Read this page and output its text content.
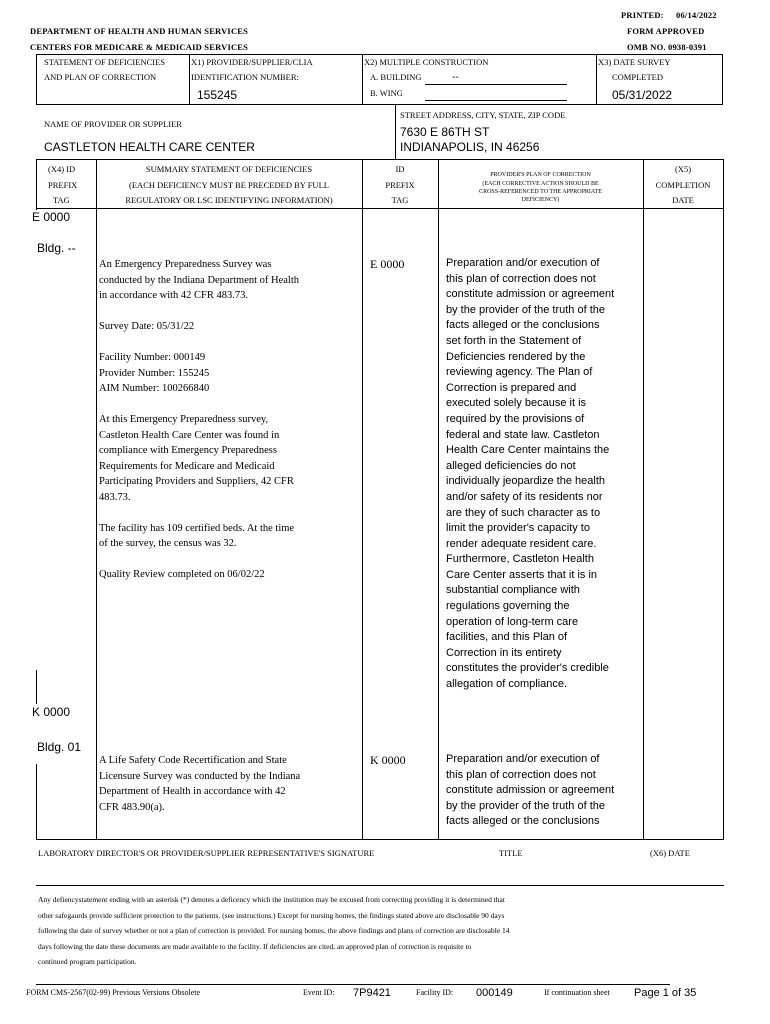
PRINTED: 06/14/2022
FORM APPROVED
OMB NO. 0938-0391
DEPARTMENT OF HEALTH AND HUMAN SERVICES
CENTERS FOR MEDICARE & MEDICAID SERVICES
STATEMENT OF DEFICIENCIES
AND PLAN OF CORRECTION
X1) PROVIDER/SUPPLIER/CLIA
IDENTIFICATION NUMBER:
155245
X2) MULTIPLE CONSTRUCTION
A. BUILDING	--
B. WING
X3) DATE SURVEY
COMPLETED
05/31/2022
NAME OF PROVIDER OR SUPPLIER
CASTLETON HEALTH CARE CENTER
STREET ADDRESS, CITY, STATE, ZIP CODE
7630 E 86TH ST
INDIANAPOLIS, IN 46256
(X4) ID
PREFIX
TAG
SUMMARY STATEMENT OF DEFICIENCIES
(EACH DEFICIENCY MUST BE PRECEDED BY FULL
REGULATORY OR LSC IDENTIFYING INFORMATION)
ID
PREFIX
TAG
PROVIDER'S PLAN OF CORRECTION
(EACH CORRECTIVE ACTION SHOULD BE
CROSS-REFERENCED TO THE APPROPRIATE
DEFICIENCY)
(X5)
COMPLETION
DATE
E 0000
Bldg. --
An Emergency Preparedness Survey was
conducted by the Indiana Department of Health
in accordance with 42 CFR 483.73.

Survey Date: 05/31/22

Facility Number: 000149
Provider Number: 155245
AIM Number: 100266840

At this Emergency Preparedness survey,
Castleton Health Care Center was found in
compliance with Emergency Preparedness
Requirements for Medicare and Medicaid
Participating Providers and Suppliers, 42 CFR
483.73.

The facility has 109 certified beds. At the time
of the survey, the census was 32.

Quality Review completed on 06/02/22
E 0000	Preparation and/or execution of
this plan of correction does not
constitute admission or agreement
by the provider of the truth of the
facts alleged or the conclusions
set forth in the Statement of
Deficiencies rendered by the
reviewing agency. The Plan of
Correction is prepared and
executed solely because it is
required by the provisions of
federal and state law. Castleton
Health Care Center maintains the
alleged deficiencies do not
individually jeopardize the health
and/or safety of its residents nor
are they of such character as to
limit the provider's capacity to
render adequate resident care.
Furthermore, Castleton Health
Care Center asserts that it is in
substantial compliance with
regulations governing the
operation of long-term care
facilities, and this Plan of
Correction in its entirety
constitutes the provider's credible
allegation of compliance.
K 0000
Bldg. 01
A Life Safety Code Recertification and State
Licensure Survey was conducted by the Indiana
Department of Health in accordance with 42
CFR 483.90(a).
K 0000	Preparation and/or execution of
this plan of correction does not
constitute admission or agreement
by the provider of the truth of the
facts alleged or the conclusions
LABORATORY DIRECTOR'S OR PROVIDER/SUPPLIER REPRESENTATIVE'S SIGNATURE	TITLE	(X6) DATE
Any defiencystatement ending with an asterisk (*) denotes a deficency which the institution may be excused from correcting providing it is determined that
other safegaurds provide sufficient protection to the patients. (see instructions.) Except for nursing homes, the findings stated above are disclosable 90 days
following the date of survey whether or not a plan of correction is provided. For nursing homes, the above findings and plans of correction are disclosable 14
days following the date these documents are made available to the facility. If deficiencies are cited, an approved plan of correction is requisite to
continued program participation.
FORM CMS-2567(02-99) Previous Versions Obsolete	Event ID: 7P9421	Facility ID: 000149	If continuation sheet Page 1 of 35
